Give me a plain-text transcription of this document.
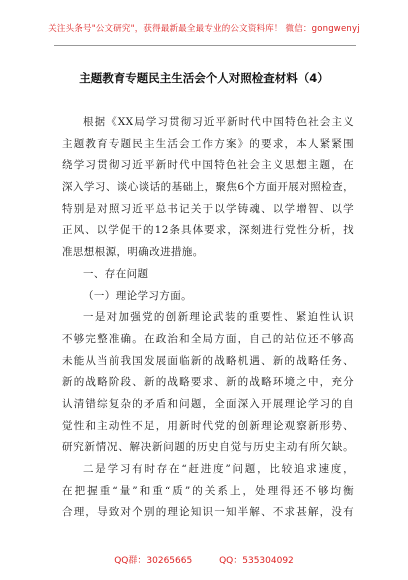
关注头条号"公文研究"，获得最新最全最专业的公文资料库！ 微信：gongwenyj
主题教育专题民主生活会个人对照检查材料（4）
根据《XX局学习贯彻习近平新时代中国特色社会主义
主题教育专题民主生活会工作方案》的要求，本人紧紧围
绕学习贯彻习近平新时代中国特色社会主义思想主题，在
深入学习、谈心谈话的基础上，聚焦6个方面开展对照检查，
特别是对照习近平总书记关于以学铸魂、以学增智、以学
正风、以学促干的12条具体要求，深刻进行党性分析，找
准思想根源，明确改进措施。
一、存在问题
（一）理论学习方面。
一是对加强党的创新理论武装的重要性、紧迫性认识
不够完整准确。在政治和全局方面，自己的站位还不够高
未能从当前我国发展面临新的战略机遇、新的战略任务、
新的战略阶段、新的战略要求、新的战略环境之中，充分
认清错综复杂的矛盾和问题，全面深入开展理论学习的自
觉性和主动性不足，用新时代党的创新理论观察新形势、
研究新情况、解决新问题的历史自觉与历史主动有所欠缺。
二是学习有时存在“赶进度”问题，比较追求速度，
在把握重“量”和重“质”的关系上，处理得还不够均衡
合理，导致对个别的理论知识一知半解、不求甚解，没有
QQ群：30265665	QQ：535304092
